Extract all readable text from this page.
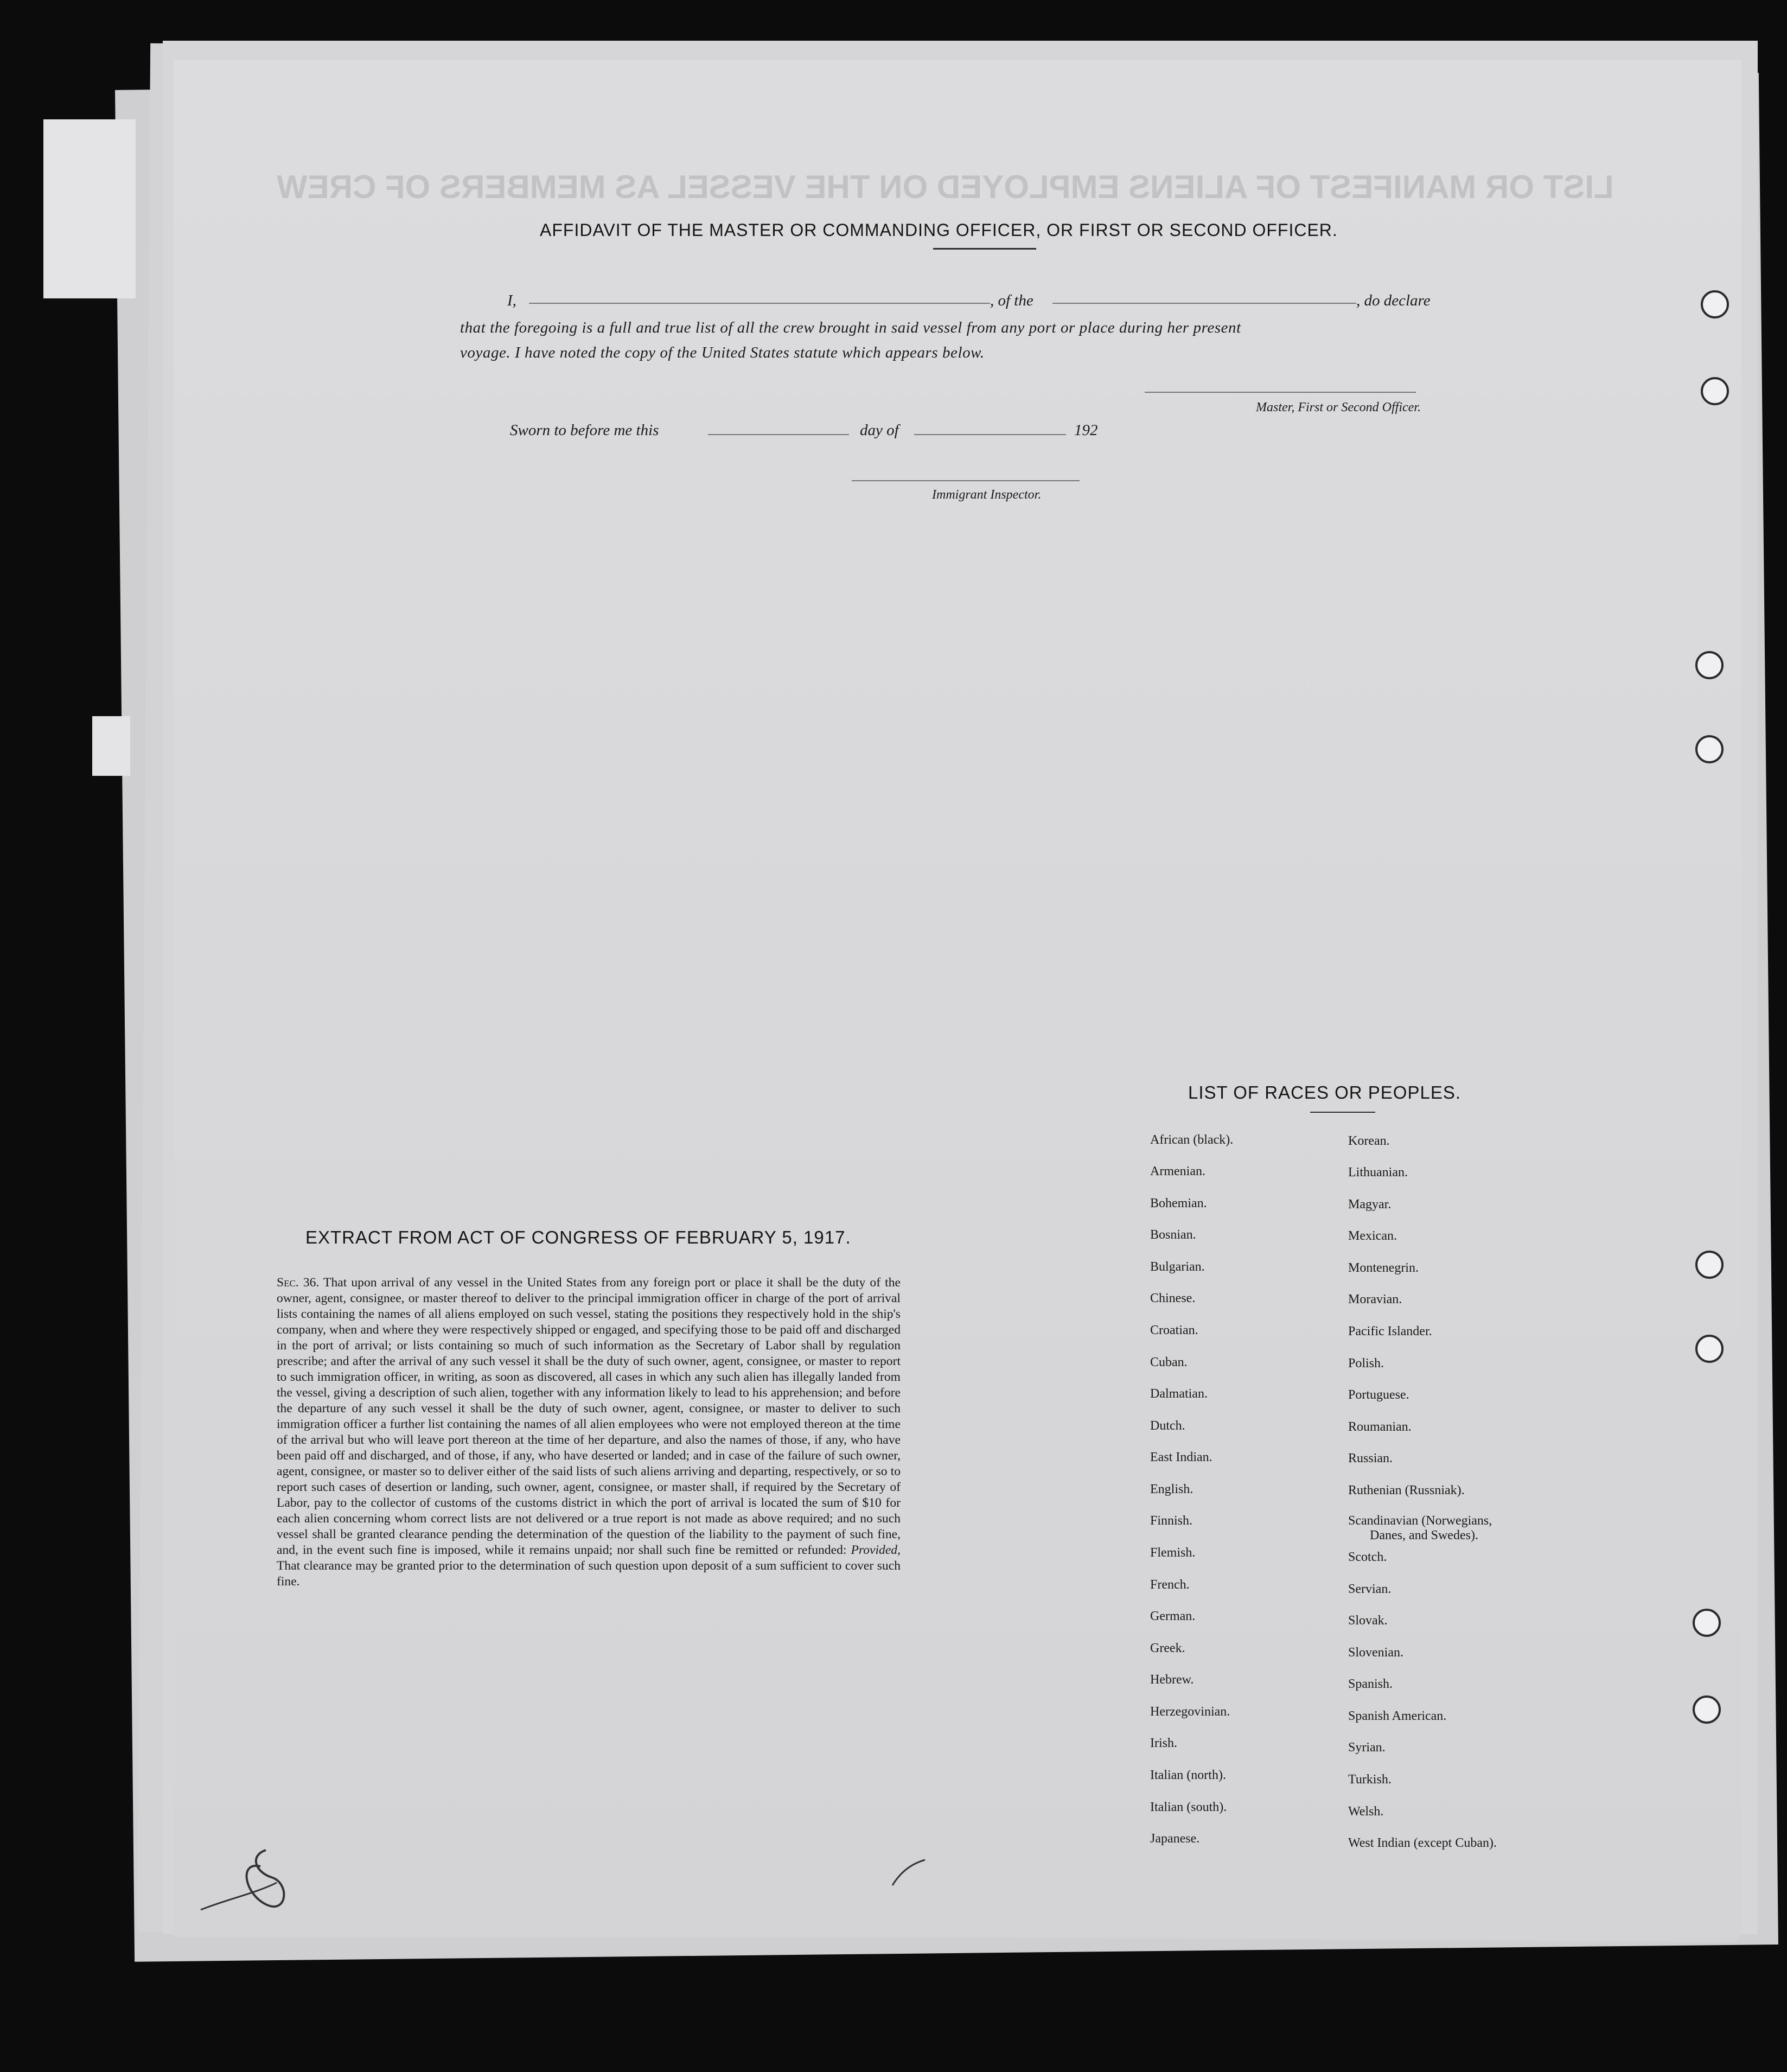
LIST OR MANIFEST OF ALIENS EMPLOYED ON THE VESSEL AS MEMBERS OF CREW
AFFIDAVIT OF THE MASTER OR COMMANDING OFFICER, OR FIRST OR SECOND OFFICER.
I,	, of the	, do declare
that the foregoing is a full and true list of all the crew brought in said vessel from any port or place during her present
voyage. I have noted the copy of the United States statute which appears below.
Master, First or Second Officer.
Sworn to before me this	day of	192
Immigrant Inspector.
EXTRACT FROM ACT OF CONGRESS OF FEBRUARY 5, 1917.
Sec. 36. That upon arrival of any vessel in the United States from any foreign port or place it shall be the duty of the owner, agent, consignee, or master thereof to deliver to the principal immigration officer in charge of the port of arrival lists containing the names of all aliens employed on such vessel, stating the positions they respectively hold in the ship's company, when and where they were respectively shipped or engaged, and specifying those to be paid off and discharged in the port of arrival; or lists containing so much of such information as the Secretary of Labor shall by regulation prescribe; and after the arrival of any such vessel it shall be the duty of such owner, agent, consignee, or master to report to such immigration officer, in writing, as soon as discovered, all cases in which any such alien has illegally landed from the vessel, giving a description of such alien, together with any information likely to lead to his apprehension; and before the departure of any such vessel it shall be the duty of such owner, agent, consignee, or master to deliver to such immigration officer a further list containing the names of all alien employees who were not employed thereon at the time of the arrival but who will leave port thereon at the time of her departure, and also the names of those, if any, who have been paid off and discharged, and of those, if any, who have deserted or landed; and in case of the failure of such owner, agent, consignee, or master so to deliver either of the said lists of such aliens arriving and departing, respectively, or so to report such cases of desertion or landing, such owner, agent, consignee, or master shall, if required by the Secretary of Labor, pay to the collector of customs of the customs district in which the port of arrival is located the sum of $10 for each alien concerning whom correct lists are not delivered or a true report is not made as above required; and no such vessel shall be granted clearance pending the determination of the question of the liability to the payment of such fine, and, in the event such fine is imposed, while it remains unpaid; nor shall such fine be remitted or refunded: Provided, That clearance may be granted prior to the determination of such question upon deposit of a sum sufficient to cover such fine.
LIST OF RACES OR PEOPLES.
African (black).
Armenian.
Bohemian.
Bosnian.
Bulgarian.
Chinese.
Croatian.
Cuban.
Dalmatian.
Dutch.
East Indian.
English.
Finnish.
Flemish.
French.
German.
Greek.
Hebrew.
Herzegovinian.
Irish.
Italian (north).
Italian (south).
Japanese.
Korean.
Lithuanian.
Magyar.
Mexican.
Montenegrin.
Moravian.
Pacific Islander.
Polish.
Portuguese.
Roumanian.
Russian.
Ruthenian (Russniak).
Scandinavian (Norwegians,
Danes, and Swedes).
Scotch.
Servian.
Slovak.
Slovenian.
Spanish.
Spanish American.
Syrian.
Turkish.
Welsh.
West Indian (except Cuban).
